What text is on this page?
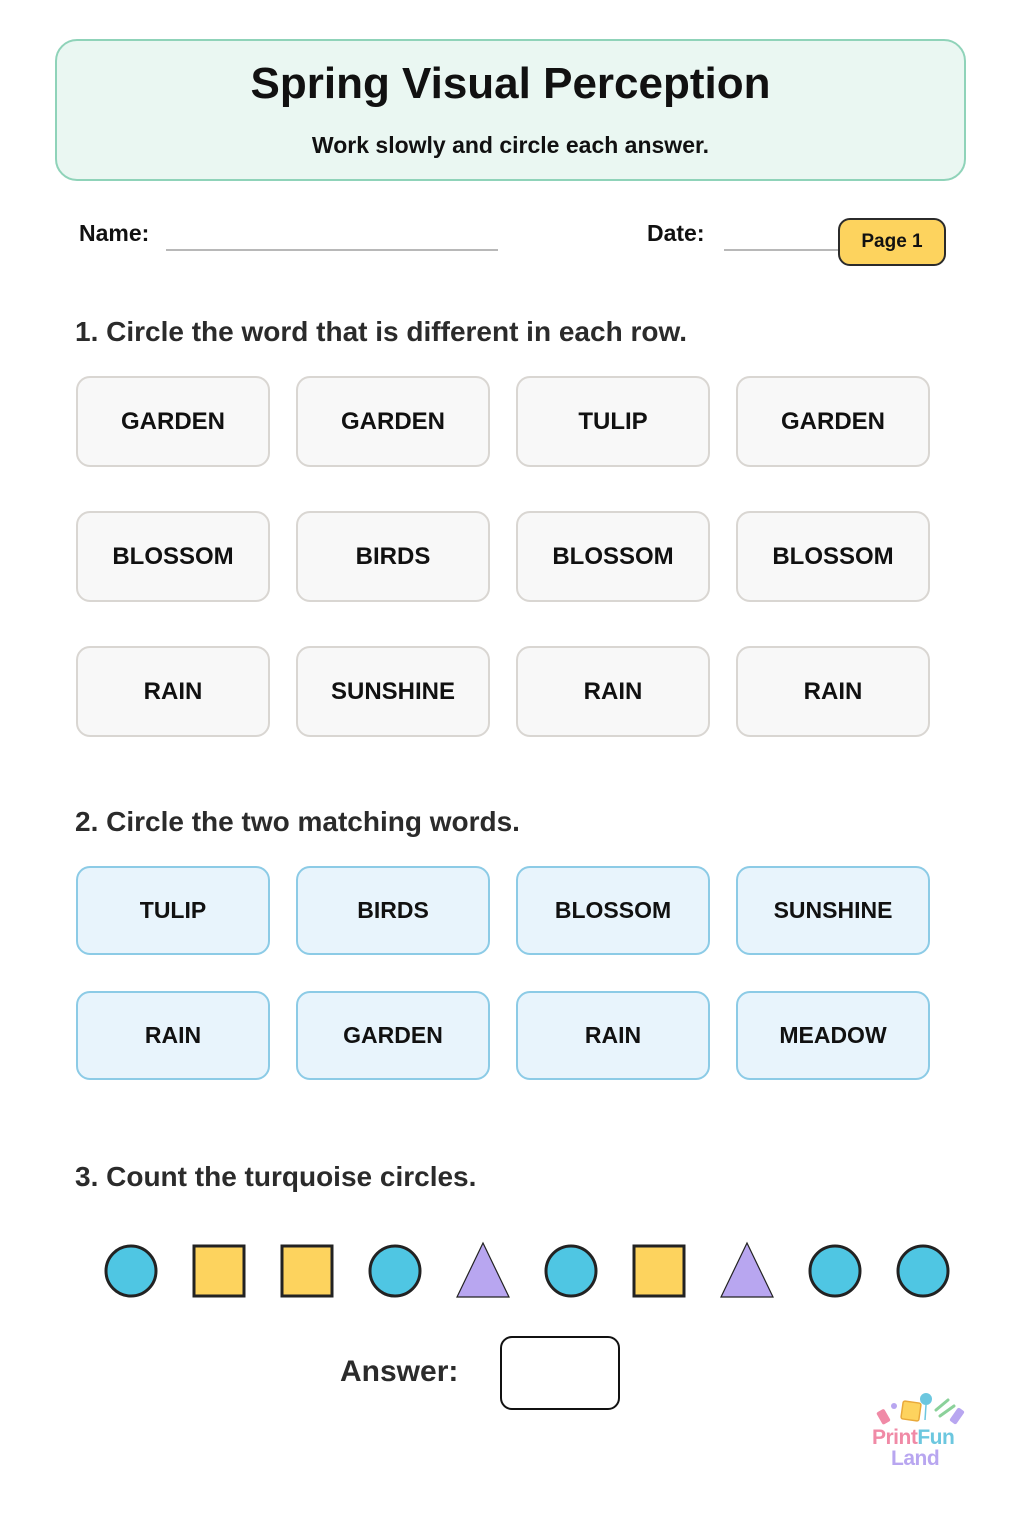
Spring Visual Perception
Work slowly and circle each answer.
Name:	Date:	Page 1
1. Circle the word that is different in each row.
GARDEN	GARDEN	TULIP	GARDEN
BLOSSOM	BIRDS	BLOSSOM	BLOSSOM
RAIN	SUNSHINE	RAIN	RAIN
2. Circle the two matching words.
TULIP	BIRDS	BLOSSOM	SUNSHINE
RAIN	GARDEN	RAIN	MEADOW
3. Count the turquoise circles.
Answer:
PrintFun
Land
